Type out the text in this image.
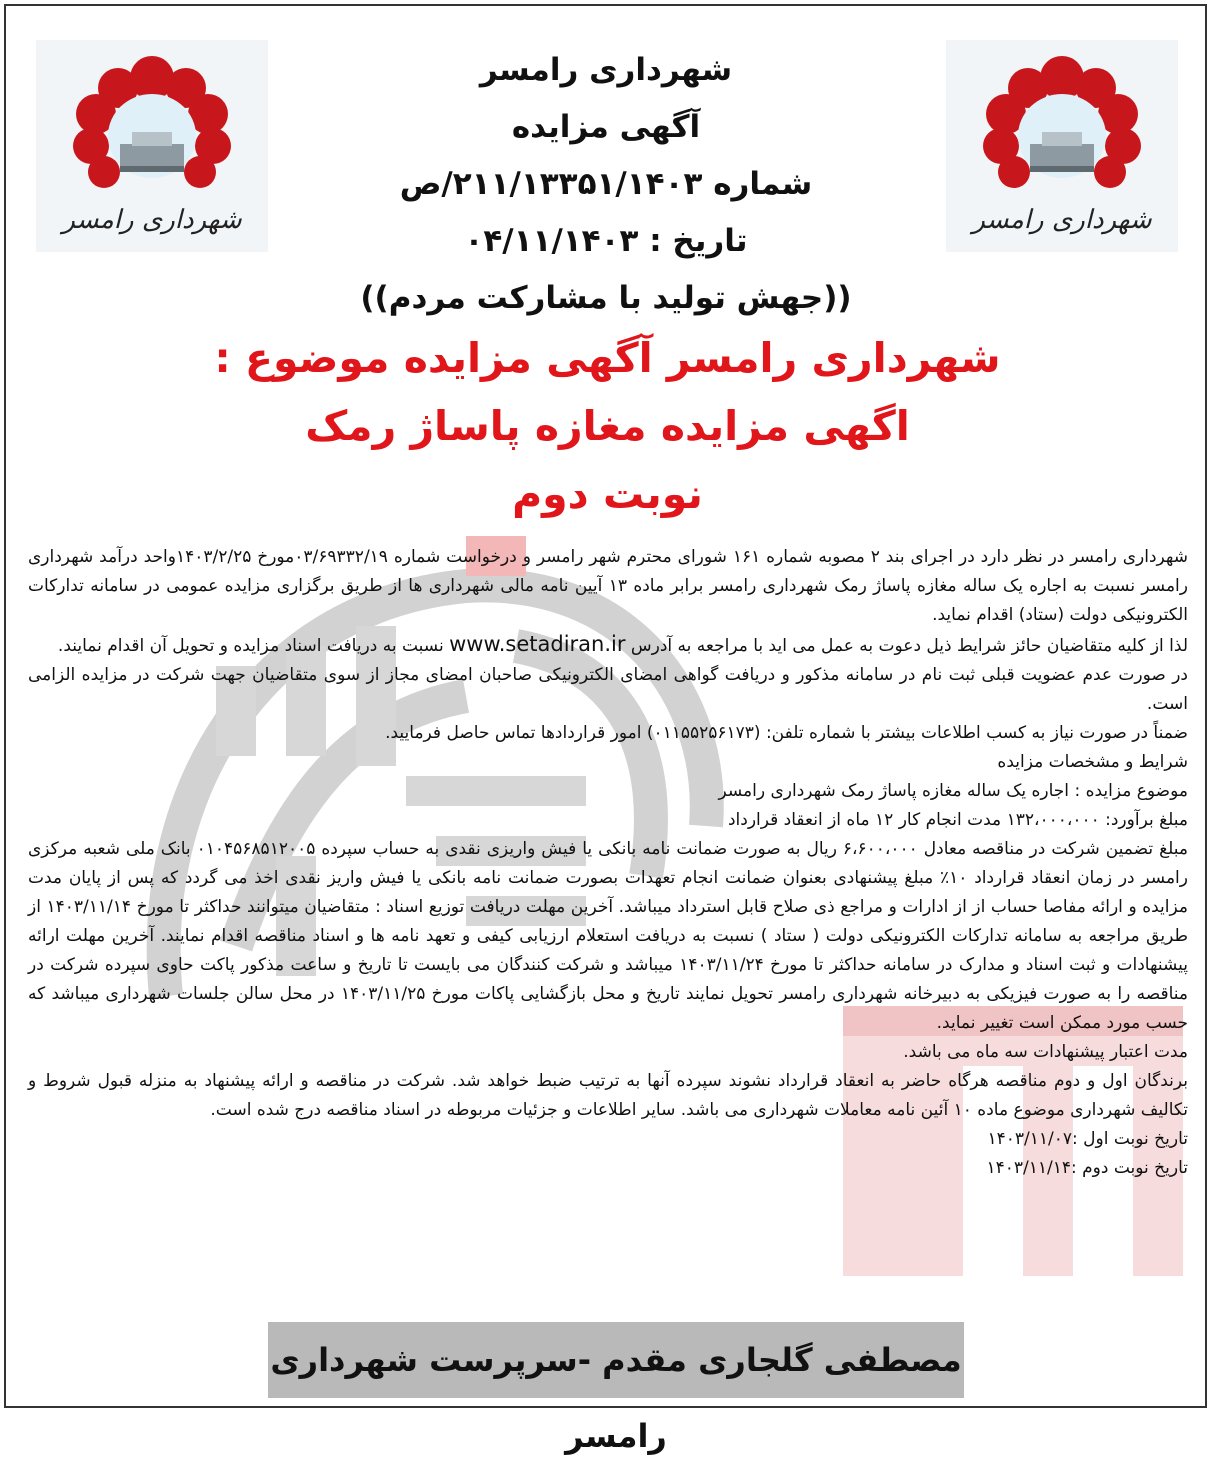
شهرداری رامسر	شهرداری رامسر
شهرداری رامسر
آگهی مزایده
شماره ۲۱۱/۱۳۳۵۱/۱۴۰۳/ص
تاریخ : ۰۴/۱۱/۱۴۰۳
((جهش تولید با مشارکت مردم))
شهرداری رامسر آگهی مزایده موضوع :
اگهی مزایده مغازه پاساژ رمک
نوبت دوم

شهرداری رامسر در نظر دارد در اجرای بند ۲ مصوبه شماره ۱۶۱ شورای محترم شهر رامسر و درخواست شماره ۰۳/۶۹۳۳۲/۱۹مورخ ۱۴۰۳/۲/۲۵واحد درآمد شهرداری رامسر نسبت به اجاره یک ساله مغازه پاساژ رمک شهرداری رامسر برابر ماده ۱۳ آیین نامه مالی شهرداری ها از طریق برگزاری مزایده عمومی در سامانه تدارکات الکترونیکی دولت (ستاد) اقدام نماید.

لذا از کلیه متقاضیان حائز شرایط ذیل دعوت به عمل می اید با مراجعه به آدرس www.setadiran.ir نسبت به دریافت اسناد مزایده و تحویل آن اقدام نمایند.

در صورت عدم عضویت قبلی ثبت نام در سامانه مذکور و دریافت گواهی امضای الکترونیکی صاحبان امضای مجاز از سوی متقاضیان جهت شرکت در مزایده الزامی است.

ضمناً در صورت نیاز به کسب اطلاعات بیشتر با شماره تلفن: (۰۱۱۵۵۲۵۶۱۷۳) امور قراردادها تماس حاصل فرمایید.

شرایط و مشخصات مزایده

موضوع مزایده : اجاره یک ساله مغازه پاساژ رمک شهرداری رامسر

مبلغ برآورد: ۱۳۲،۰۰۰،۰۰۰ مدت انجام کار ۱۲ ماه از انعقاد قرارداد

مبلغ تضمین شرکت در مناقصه معادل ۶،۶۰۰،۰۰۰ ریال به صورت ضمانت نامه بانکی یا فیش واریزی نقدی به حساب سپرده ۰۱۰۴۵۶۸۵۱۲۰۰۵ بانک ملی شعبه مرکزی رامسر در زمان انعقاد قرارداد ۱۰٪ مبلغ پیشنهادی بعنوان ضمانت انجام تعهدات بصورت ضمانت نامه بانکی یا فیش واریز نقدی اخذ می گردد که پس از پایان مدت مزایده و ارائه مفاصا حساب از از ادارات و مراجع ذی صلاح قابل استرداد میباشد. آخرین مهلت دریافت توزیع اسناد : متقاضیان میتوانند حداکثر تا مورخ ۱۴۰۳/۱۱/۱۴ از طریق مراجعه به سامانه تدارکات الکترونیکی دولت ( ستاد ) نسبت به دریافت استعلام ارزیابی کیفی و تعهد نامه ها و اسناد مناقصه اقدام نمایند. آخرین مهلت ارائه پیشنهادات و ثبت اسناد و مدارک در سامانه حداکثر تا مورخ ۱۴۰۳/۱۱/۲۴ میباشد و شرکت کنندگان می بایست تا تاریخ و ساعت مذکور پاکت حاوی سپرده شرکت در مناقصه را به صورت فیزیکی به دبیرخانه شهرداری رامسر تحویل نمایند تاریخ و محل بازگشایی پاکات مورخ ۱۴۰۳/۱۱/۲۵ در محل سالن جلسات شهرداری میباشد که حسب مورد ممکن است تغییر نماید.

مدت اعتبار پیشنهادات سه ماه می باشد.

برندگان اول و دوم مناقصه هرگاه حاضر به انعقاد قرارداد نشوند سپرده آنها به ترتیب ضبط خواهد شد. شرکت در مناقصه و ارائه پیشنهاد به منزله قبول شروط و تکالیف شهرداری موضوع ماده ۱۰ آئین نامه معاملات شهرداری می باشد. سایر اطلاعات و جزئیات مربوطه در اسناد مناقصه درج شده است.

تاریخ نوبت اول :۱۴۰۳/۱۱/۰۷

تاریخ نوبت دوم :۱۴۰۳/۱۱/۱۴

مصطفی گلجاری مقدم -سرپرست شهرداری رامسر
